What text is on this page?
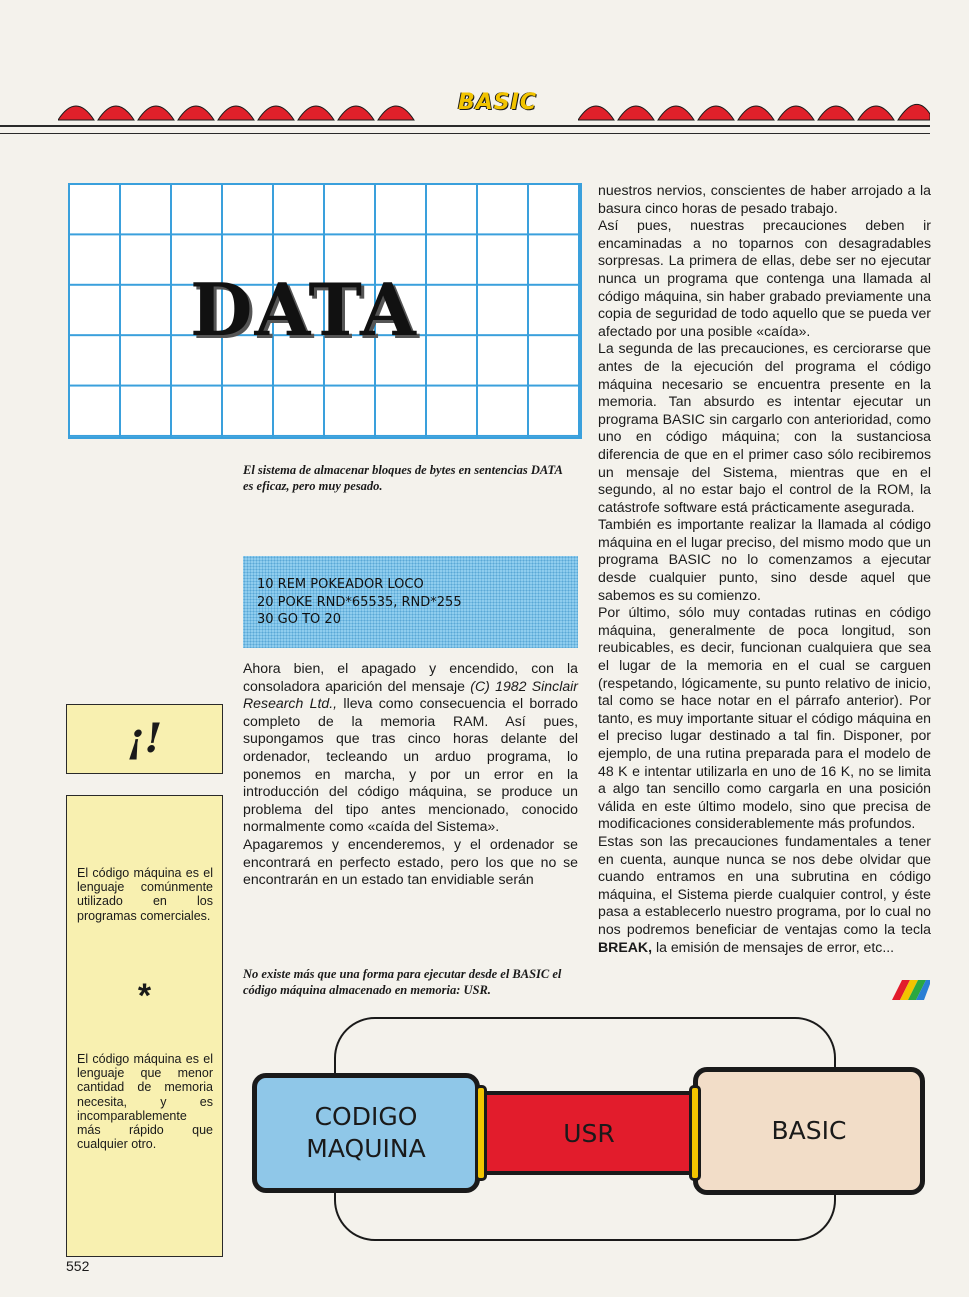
BASIC
DATA
El sistema de almacenar bloques de bytes en sentencias DATA es eficaz, pero muy pesado.
10 REM POKEADOR LOCO
20 POKE RND*65535, RND*255
30 GO TO 20
¡!
El código máquina es el lenguaje comúnmente utilizado en los programas comerciales.
*
El código máquina es el lenguaje que menor cantidad de memoria necesita, y es incomparablemente más rápido que cualquier otro.

Ahora bien, el apagado y encendido, con la consoladora aparición del mensaje (C) 1982 Sinclair Research Ltd., lleva como consecuencia el borrado completo de la memoria RAM. Así pues, supongamos que tras cinco horas delante del ordenador, tecleando un arduo programa, lo ponemos en marcha, y por un error en la introducción del código máquina, se produce un problema del tipo antes mencionado, conocido normalmente como «caída del Sistema».

Apagaremos y encenderemos, y el ordenador se encontrará en perfecto estado, pero los que no se encontrarán en un estado tan envidiable serán

No existe más que una forma para ejecutar desde el BASIC el código máquina almacenado en memoria: USR.

nuestros nervios, conscientes de haber arrojado a la basura cinco horas de pesado trabajo.

Así pues, nuestras precauciones deben ir encaminadas a no toparnos con desagradables sorpresas. La primera de ellas, debe ser no ejecutar nunca un programa que contenga una llamada al código máquina, sin haber grabado previamente una copia de seguridad de todo aquello que se pueda ver afectado por una posible «caída».

La segunda de las precauciones, es cerciorarse que antes de la ejecución del programa el código máquina necesario se encuentra presente en la memoria. Tan absurdo es intentar ejecutar un programa BASIC sin cargarlo con anterioridad, como uno en código máquina; con la sustanciosa diferencia de que en el primer caso sólo recibiremos un mensaje del Sistema, mientras que en el segundo, al no estar bajo el control de la ROM, la catástrofe software está prácticamente asegurada.

También es importante realizar la llamada al código máquina en el lugar preciso, del mismo modo que un programa BASIC no lo comenzamos a ejecutar desde cualquier punto, sino desde aquel que sabemos es su comienzo.

Por último, sólo muy contadas rutinas en código máquina, generalmente de poca longitud, son reubicables, es decir, funcionan cualquiera que sea el lugar de la memoria en el cual se carguen (respetando, lógicamente, su punto relativo de inicio, tal como se hace notar en el párrafo anterior). Por tanto, es muy importante situar el código máquina en el preciso lugar destinado a tal fin. Disponer, por ejemplo, de una rutina preparada para el modelo de 48 K e intentar utilizarla en uno de 16 K, no se limita a algo tan sencillo como cargarla en una posición válida en este último modelo, sino que precisa de modificaciones considerablemente más profundos.

Estas son las precauciones fundamentales a tener en cuenta, aunque nunca se nos debe olvidar que cuando entramos en una subrutina en código máquina, el Sistema pierde cualquier control, y éste pasa a establecerlo nuestro programa, por lo cual no nos podremos beneficiar de ventajas como la tecla BREAK, la emisión de mensajes de error, etc...

USR
CODIGO MAQUINA
BASIC
552
